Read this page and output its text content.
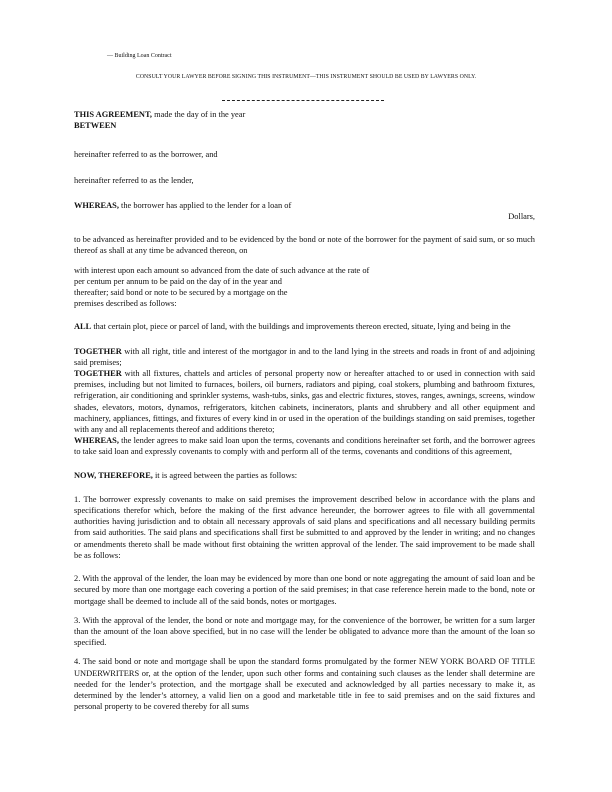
— Building Loan Contract
CONSULT YOUR LAWYER BEFORE SIGNING THIS INSTRUMENT—THIS INSTRUMENT SHOULD BE USED BY LAWYERS ONLY.

THIS AGREEMENT, made the day of in the year

BETWEEN

hereinafter referred to as the borrower, and

hereinafter referred to as the lender,

WHEREAS, the borrower has applied to the lender for a loan of

Dollars,

to be advanced as hereinafter provided and to be evidenced by the bond or note of the borrower for the payment of said sum, or so much thereof as shall at any time be advanced thereon, on

with interest upon each amount so advanced from the date of such advance at the rate of

per centum per annum to be paid on the day of in the year and

thereafter; said bond or note to be secured by a mortgage on the

premises described as follows:

ALL that certain plot, piece or parcel of land, with the buildings and improvements thereon erected, situate, lying and being in the

TOGETHER with all right, title and interest of the mortgagor in and to the land lying in the streets and roads in front of and adjoining said premises;

TOGETHER with all fixtures, chattels and articles of personal property now or hereafter attached to or used in connection with said premises, including but not limited to furnaces, boilers, oil burners, radiators and piping, coal stokers, plumbing and bathroom fixtures, refrigeration, air conditioning and sprinkler systems, wash-tubs, sinks, gas and electric fixtures, stoves, ranges, awnings, screens, window shades, elevators, motors, dynamos, refrigerators, kitchen cabinets, incinerators, plants and shrubbery and all other equipment and machinery, appliances, fittings, and fixtures of every kind in or used in the operation of the buildings standing on said premises, together with any and all replacements thereof and additions thereto;

WHEREAS, the lender agrees to make said loan upon the terms, covenants and conditions hereinafter set forth, and the borrower agrees to take said loan and expressly covenants to comply with and perform all of the terms, covenants and conditions of this agreement,

NOW, THEREFORE, it is agreed between the parties as follows:

1. The borrower expressly covenants to make on said premises the improvement described below in accordance with the plans and specifications therefor which, before the making of the first advance hereunder, the borrower agrees to file with all governmental authorities having jurisdiction and to obtain all necessary approvals of said plans and specifications and all necessary building permits from said authorities. The said plans and specifications shall first be submitted to and approved by the lender in writing; and no changes or amendments thereto shall be made without first obtaining the written approval of the lender. The said improvement to be made shall be as follows:

2. With the approval of the lender, the loan may be evidenced by more than one bond or note aggregating the amount of said loan and be secured by more than one mortgage each covering a portion of the said premises; in that case reference herein made to the bond, note or mortgage shall be deemed to include all of the said bonds, notes or mortgages.

3. With the approval of the lender, the bond or note and mortgage may, for the convenience of the borrower, be written for a sum larger than the amount of the loan above specified, but in no case will the lender be obligated to advance more than the amount of the loan so specified.

4. The said bond or note and mortgage shall be upon the standard forms promulgated by the former NEW YORK BOARD OF TITLE UNDERWRITERS or, at the option of the lender, upon such other forms and containing such clauses as the lender shall determine are needed for the lender’s protection, and the mortgage shall be executed and acknowledged by all parties necessary to make it, as determined by the lender’s attorney, a valid lien on a good and marketable title in fee to said premises and on the said fixtures and personal property to be covered thereby for all sums
